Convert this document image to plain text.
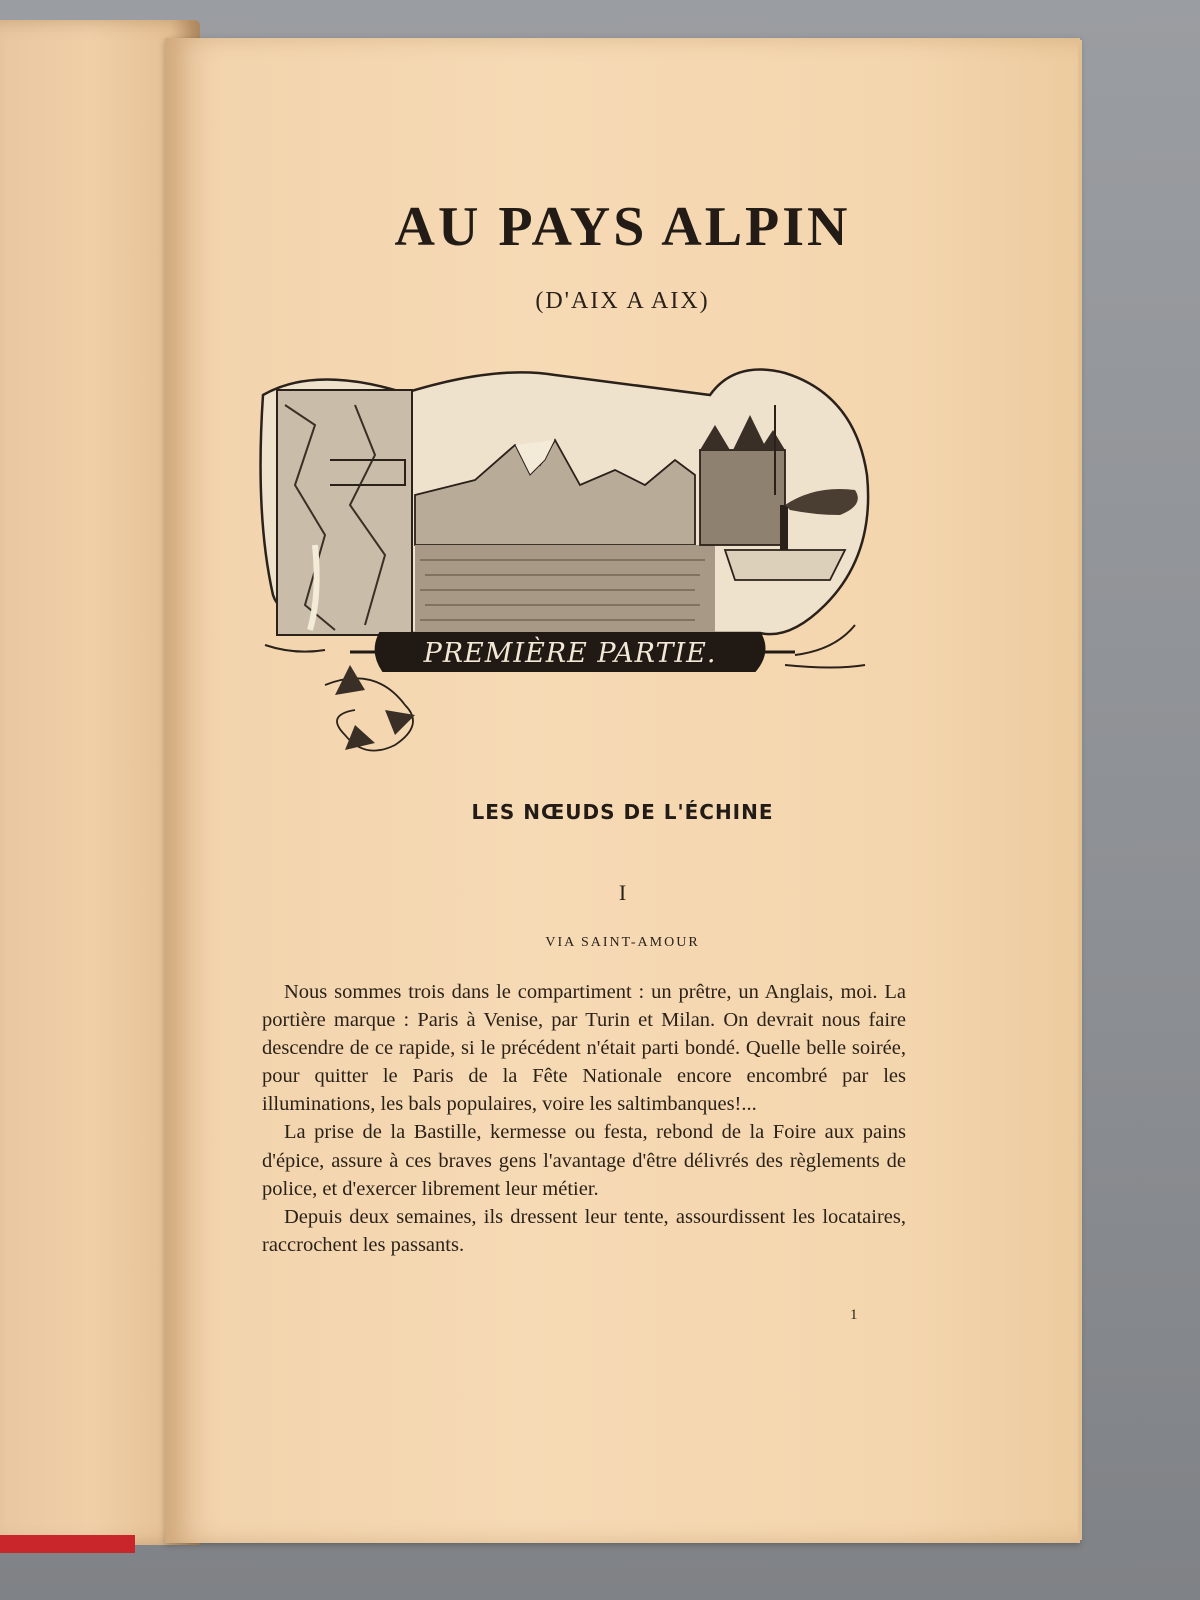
AU PAYS ALPIN
(D'AIX A AIX)
PREMIÈRE PARTIE.
LES NŒUDS DE L'ÉCHINE
I
VIA SAINT-AMOUR

Nous sommes trois dans le compartiment : un prêtre, un Anglais, moi. La portière marque : Paris à Venise, par Turin et Milan. On devrait nous faire descendre de ce rapide, si le précédent n'était parti bondé. Quelle belle soirée, pour quitter le Paris de la Fête Nationale encore encombré par les illuminations, les bals populaires, voire les saltimbanques!...

La prise de la Bastille, kermesse ou festa, rebond de la Foire aux pains d'épice, assure à ces braves gens l'avantage d'être délivrés des règlements de police, et d'exercer librement leur métier.

Depuis deux semaines, ils dressent leur tente, assourdissent les locataires, raccrochent les passants.

1
